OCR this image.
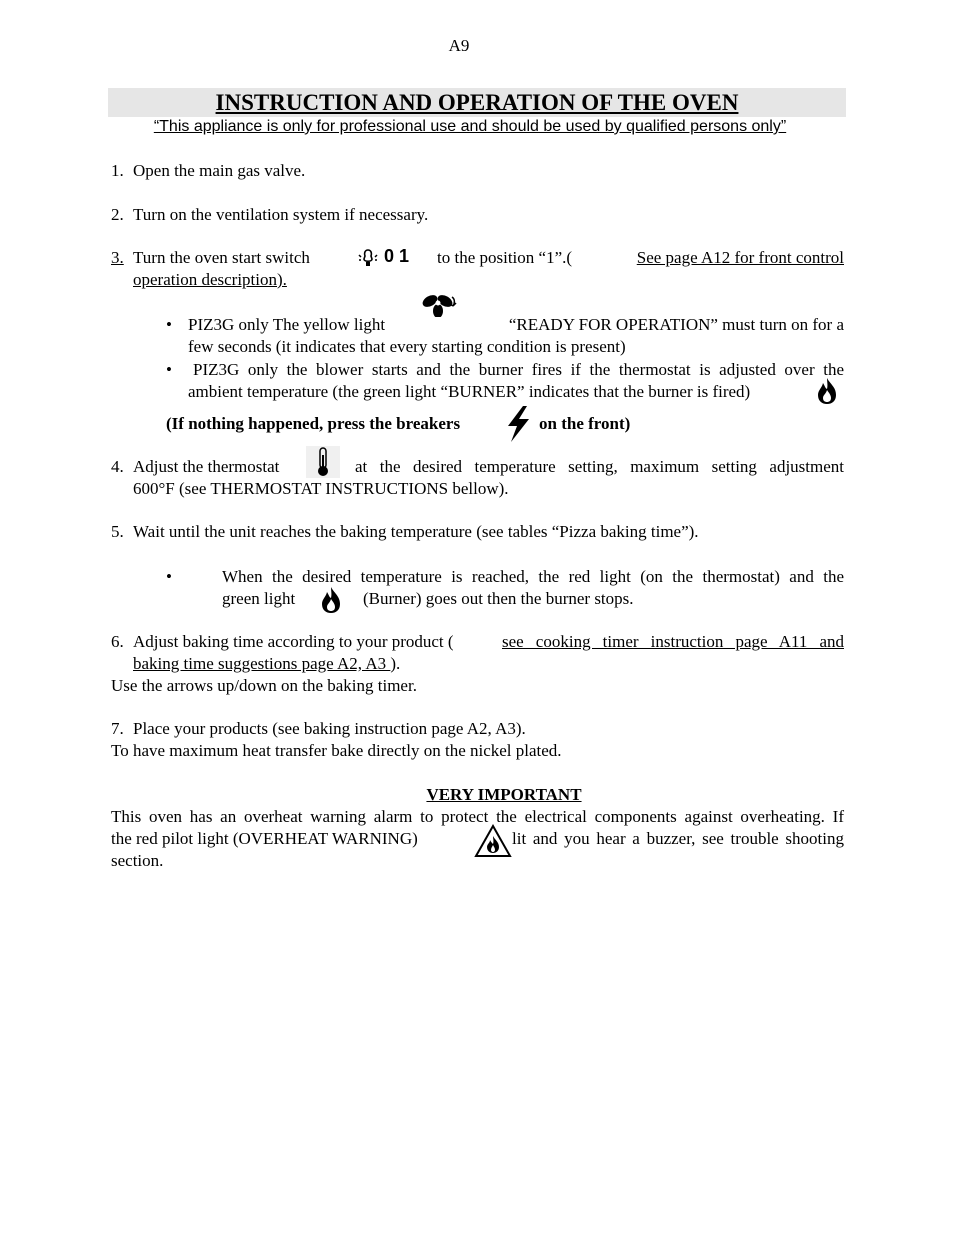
A9
INSTRUCTION AND OPERATION OF THE OVEN
“This appliance is only for professional use and should be used by qualified persons only”
1. Open the main gas valve.
2. Turn on the ventilation system if necessary.
3. Turn the oven start switch	0 1 to the position “1”.(	See page A12 for front control
operation description).
• PIZ3G only The yellow light	“READY FOR OPERATION” must turn on for a
few seconds (it indicates that every starting condition is present)
• PIZ3G only the blower starts and the burner fires if the thermostat is adjusted over the
ambient temperature (the green light “BURNER” indicates that the burner is fired)
(If nothing happened, press the breakers	on the front)
4. Adjust the thermostat	at the desired temperature setting, maximum setting adjustment
600°F (see THERMOSTAT INSTRUCTIONS bellow).
5. Wait until the unit reaches the baking temperature (see tables “Pizza baking time”).
•	When the desired temperature is reached, the red light (on the thermostat) and the
green light	(Burner) goes out then the burner stops.
6. Adjust baking time according to your product (	see cooking timer instruction page A11 and
baking time suggestions page A2, A3 ).
Use the arrows up/down on the baking timer.
7. Place your products (see baking instruction page A2, A3).
To have maximum heat transfer bake directly on the nickel plated.
VERY IMPORTANT
This oven has an overheat warning alarm to protect the electrical components against overheating. If
the red pilot light (OVERHEAT WARNING)	lit and you hear a buzzer, see trouble shooting
section.
